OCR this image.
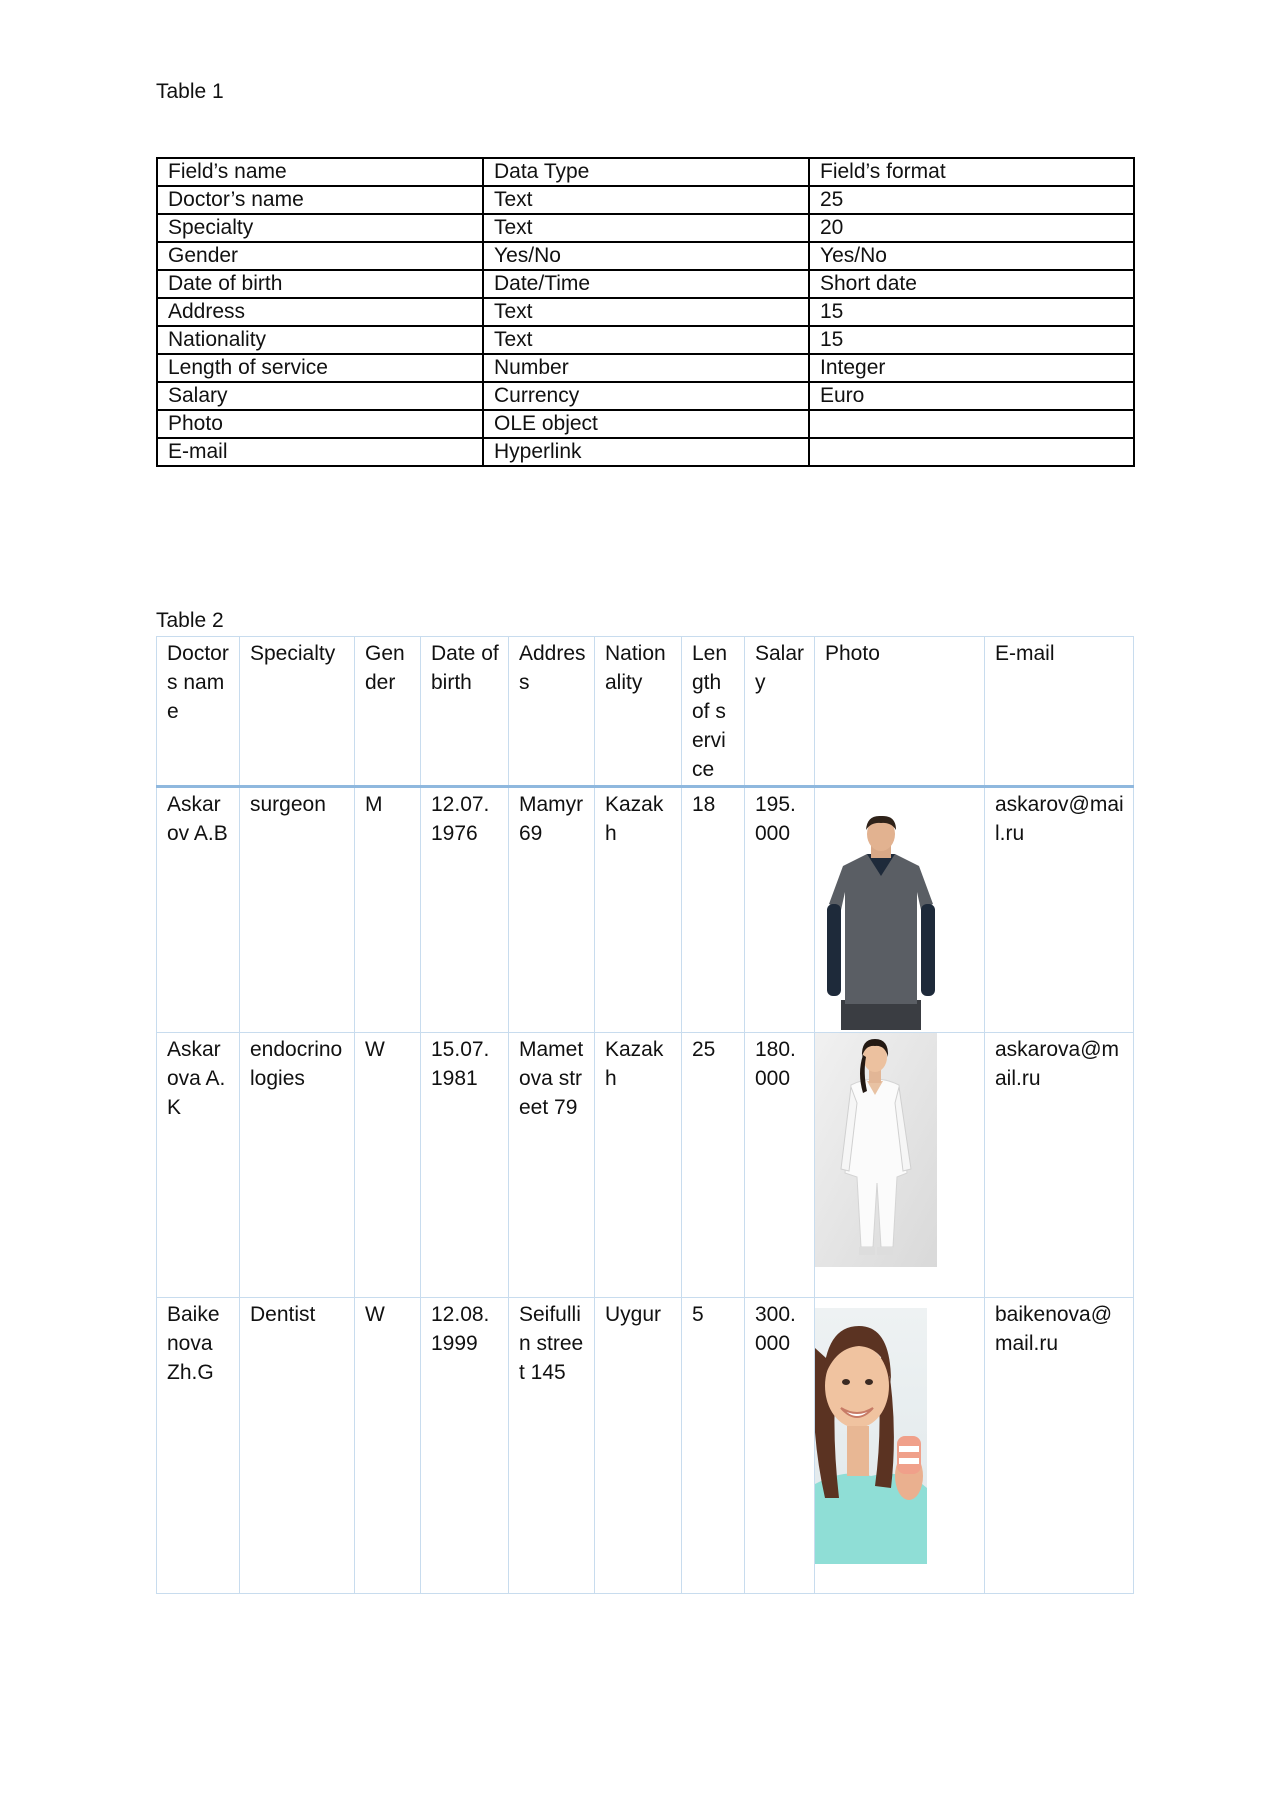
Table 1
Field’s name	Data Type	Field’s format
Doctor’s name	Text	25
Specialty	Text	20
Gender	Yes/No	Yes/No
Date of birth	Date/Time	Short date
Address	Text	15
Nationality	Text	15
Length of service	Number	Integer
Salary	Currency	Euro
Photo	OLE object	
E-mail	Hyperlink	
Table 2
Doctors name	Specialty	Gender	Date of birth	Address	Nationality	Length of service	Salary	Photo	E-mail
Askarov A.B	surgeon	M	12.07.1976	Mamyr 69	Kazakh	18	195.000		askarov@mail.ru
Askarova A.K	endocrinologies	W	15.07.1981	Mametova street 79	Kazakh	25	180.000		askarova@mail.ru
Baikenova Zh.G	Dentist	W	12.08.1999	Seifullin street 145	Uygur	5	300.000		baikenova@mail.ru
